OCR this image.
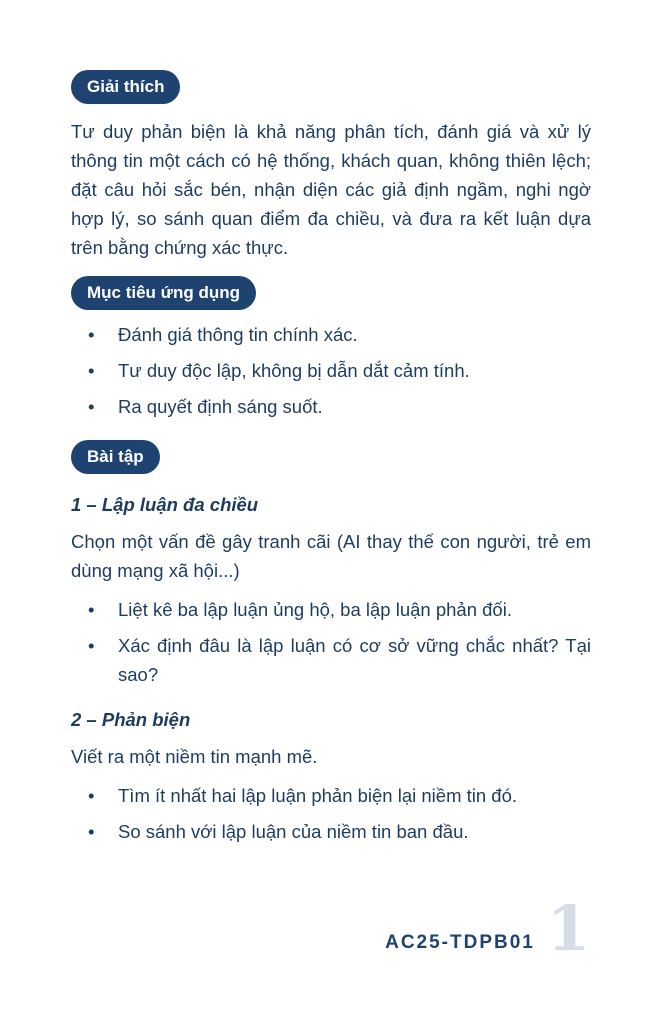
Giải thích

Tư duy phản biện là khả năng phân tích, đánh giá và xử lý thông tin một cách có hệ thống, khách quan, không thiên lệch; đặt câu hỏi sắc bén, nhận diện các giả định ngầm, nghi ngờ hợp lý, so sánh quan điểm đa chiều, và đưa ra kết luận dựa trên bằng chứng xác thực.

Mục tiêu ứng dụng
• Đánh giá thông tin chính xác.
• Tư duy độc lập, không bị dẫn dắt cảm tính.
• Ra quyết định sáng suốt.
Bài tập

1 – Lập luận đa chiều

Chọn một vấn đề gây tranh cãi (AI thay thế con người, trẻ em dùng mạng xã hội...)

• Liệt kê ba lập luận ủng hộ, ba lập luận phản đối.
• Xác định đâu là lập luận có cơ sở vững chắc nhất? Tại sao?

2 – Phản biện

Viết ra một niềm tin mạnh mẽ.

• Tìm ít nhất hai lập luận phản biện lại niềm tin đó.
• So sánh với lập luận của niềm tin ban đầu.
AC25-TDPB01 1
